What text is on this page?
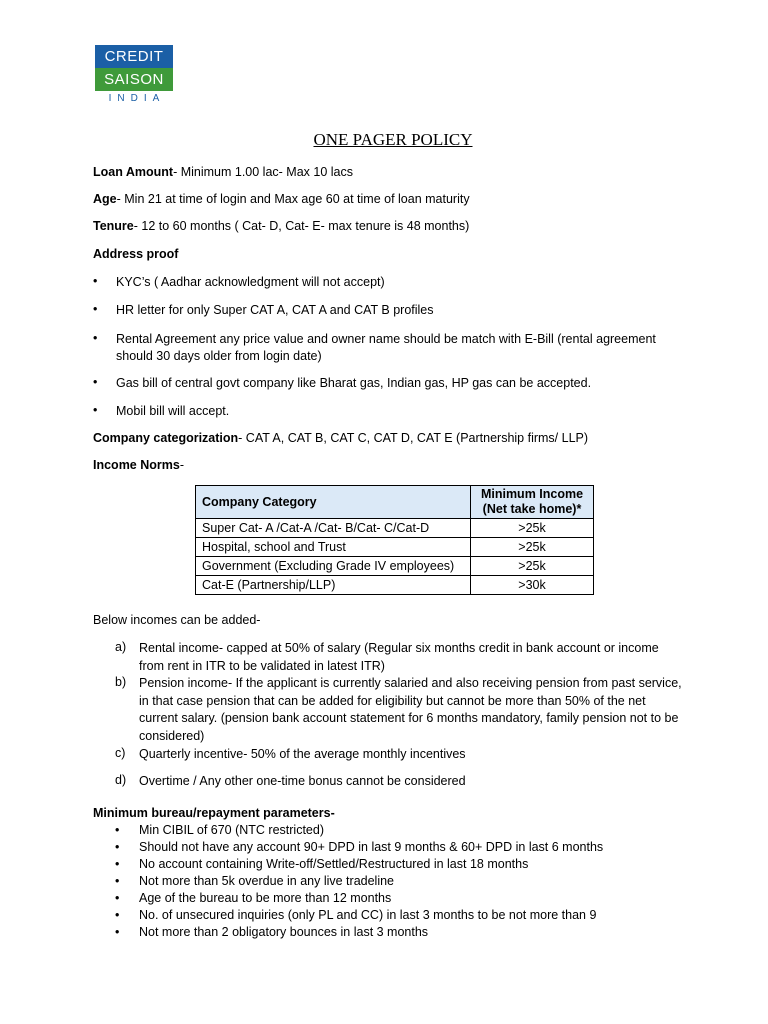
CREDIT
SAISON
INDIA
ONE PAGER POLICY
Loan Amount- Minimum 1.00 lac- Max 10 lacs
Age- Min 21 at time of login and Max age 60 at time of loan maturity
Tenure- 12 to 60 months ( Cat- D, Cat- E- max tenure is 48 months)
Address proof
• KYC’s ( Aadhar acknowledgment will not accept)
• HR letter for only Super CAT A, CAT A and CAT B profiles
• Rental Agreement any price value and owner name should be match with E-Bill (rental agreement should 30 days older from login date)
• Gas bill of central govt company like Bharat gas, Indian gas, HP gas can be accepted.
• Mobil bill will accept.
Company categorization- CAT A, CAT B, CAT C, CAT D, CAT E (Partnership firms/ LLP)
Income Norms-
Company Category	Minimum Income (Net take home)*
Super Cat- A /Cat-A /Cat- B/Cat- C/Cat-D	>25k
Hospital, school and Trust	>25k
Government (Excluding Grade IV employees)	>25k
Cat-E (Partnership/LLP)	>30k
Below incomes can be added-
a) Rental income- capped at 50% of salary (Regular six months credit in bank account or income from rent in ITR to be validated in latest ITR)
b) Pension income- If the applicant is currently salaried and also receiving pension from past service, in that case pension that can be added for eligibility but cannot be more than 50% of the net current salary. (pension bank account statement for 6 months mandatory, family pension not to be considered)
c) Quarterly incentive- 50% of the average monthly incentives
d) Overtime / Any other one-time bonus cannot be considered
Minimum bureau/repayment parameters-
• Min CIBIL of 670 (NTC restricted)
• Should not have any account 90+ DPD in last 9 months & 60+ DPD in last 6 months
• No account containing Write-off/Settled/Restructured in last 18 months
• Not more than 5k overdue in any live tradeline
• Age of the bureau to be more than 12 months
• No. of unsecured inquiries (only PL and CC) in last 3 months to be not more than 9
• Not more than 2 obligatory bounces in last 3 months
